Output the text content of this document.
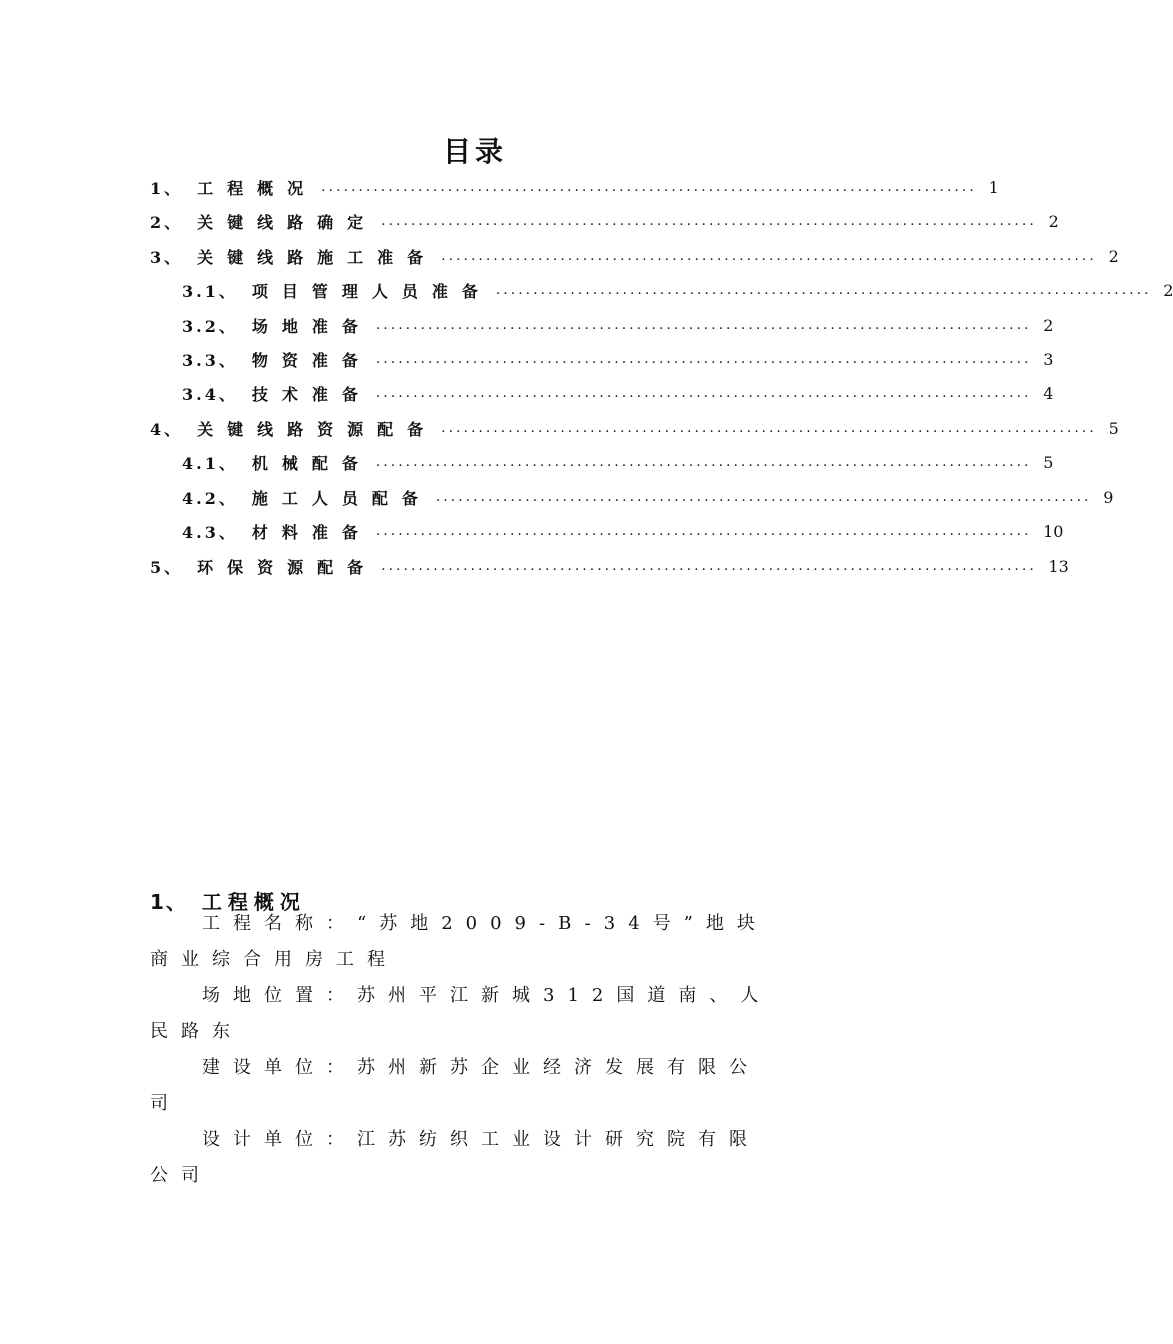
目录
1、 工程概况 ........................................................................................ 1
2、 关键线路确定 ........................................................................................ 2
3、 关键线路施工准备 ........................................................................................ 2
3.1、 项目管理人员准备 ........................................................................................ 2
3.2、 场地准备 ........................................................................................ 2
3.3、 物资准备 ........................................................................................ 3
3.4、 技术准备 ........................................................................................ 4
4、 关键线路资源配备 ........................................................................................ 5
4.1、 机械配备 ........................................................................................ 5
4.2、 施工人员配备 ........................................................................................ 9
4.3、 材料准备 ........................................................................................ 10
5、 环保资源配备 ........................................................................................ 13
1、 工程概况
工程名称：“苏地2009-B-34号”地块商业综合用房工程
场地位置：苏州平江新城312国道南、人民路东
建设单位：苏州新苏企业经济发展有限公司
设计单位：江苏纺织工业设计研究院有限公司
